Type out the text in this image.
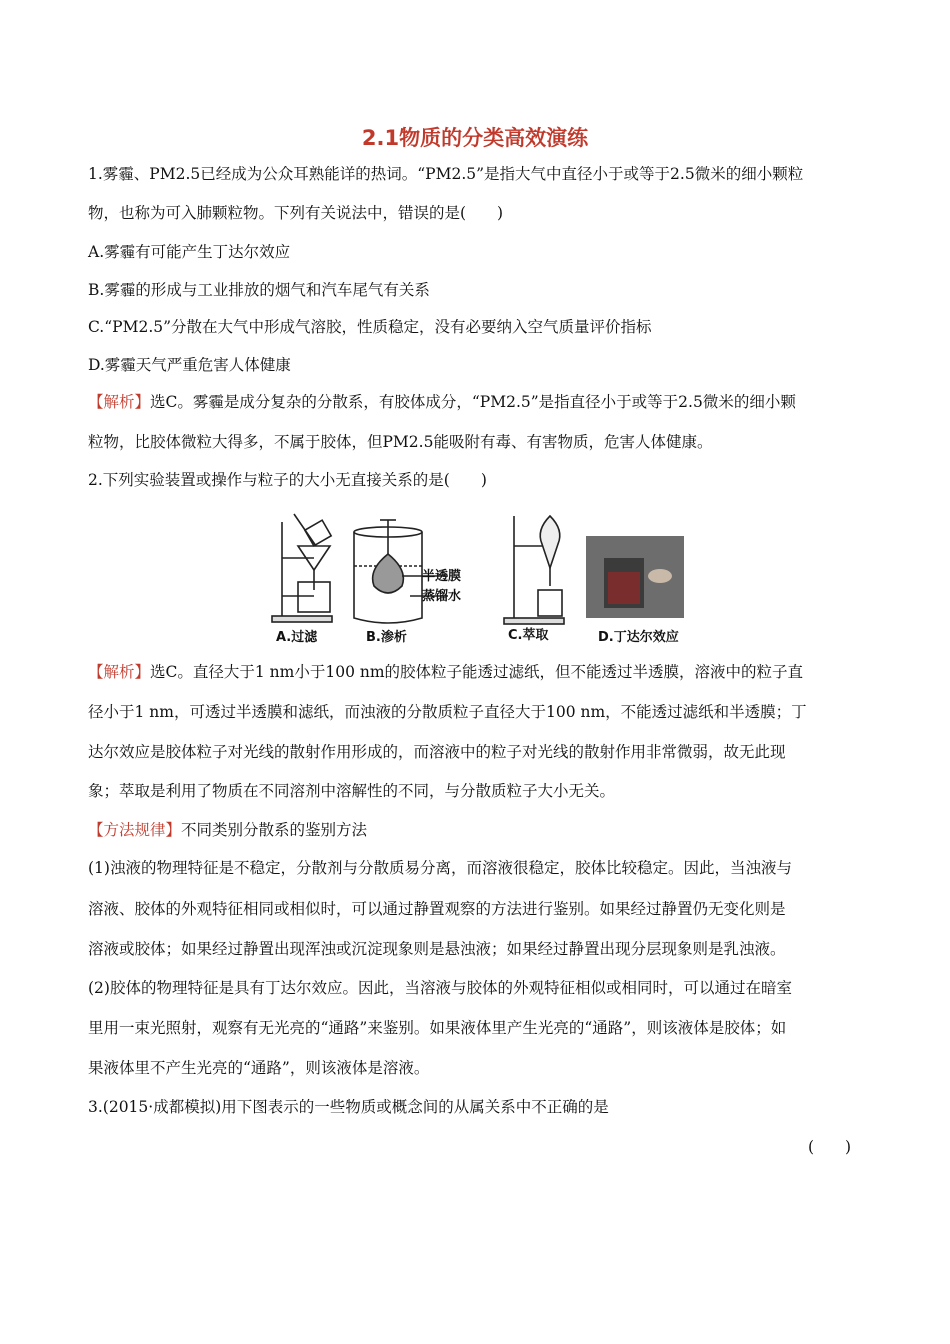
2.1物质的分类高效演练
1.雾霾、PM2.5已经成为公众耳熟能详的热词。“PM2.5”是指大气中直径小于或等于2.5微米的细小颗粒
物，也称为可入肺颗粒物。下列有关说法中，错误的是(　　)
A.雾霾有可能产生丁达尔效应
B.雾霾的形成与工业排放的烟气和汽车尾气有关系
C.“PM2.5”分散在大气中形成气溶胶，性质稳定，没有必要纳入空气质量评价指标
D.雾霾天气严重危害人体健康
【解析】选C。雾霾是成分复杂的分散系，有胶体成分，“PM2.5”是指直径小于或等于2.5微米的细小颗
粒物，比胶体微粒大得多，不属于胶体，但PM2.5能吸附有毒、有害物质，危害人体健康。
2.下列实验装置或操作与粒子的大小无直接关系的是(　　)
半透膜
蒸馏水
A.过滤	B.渗析	C.萃取	D.丁达尔效应
【解析】选C。直径大于1 nm小于100 nm的胶体粒子能透过滤纸，但不能透过半透膜，溶液中的粒子直
径小于1 nm，可透过半透膜和滤纸，而浊液的分散质粒子直径大于100 nm，不能透过滤纸和半透膜；丁
达尔效应是胶体粒子对光线的散射作用形成的，而溶液中的粒子对光线的散射作用非常微弱，故无此现
象；萃取是利用了物质在不同溶剂中溶解性的不同，与分散质粒子大小无关。
【方法规律】不同类别分散系的鉴别方法
(1)浊液的物理特征是不稳定，分散剂与分散质易分离，而溶液很稳定，胶体比较稳定。因此，当浊液与
溶液、胶体的外观特征相同或相似时，可以通过静置观察的方法进行鉴别。如果经过静置仍无变化则是
溶液或胶体；如果经过静置出现浑浊或沉淀现象则是悬浊液；如果经过静置出现分层现象则是乳浊液。
(2)胶体的物理特征是具有丁达尔效应。因此，当溶液与胶体的外观特征相似或相同时，可以通过在暗室
里用一束光照射，观察有无光亮的“通路”来鉴别。如果液体里产生光亮的“通路”，则该液体是胶体；如
果液体里不产生光亮的“通路”，则该液体是溶液。
3.(2015·成都模拟)用下图表示的一些物质或概念间的从属关系中不正确的是
(　　)
